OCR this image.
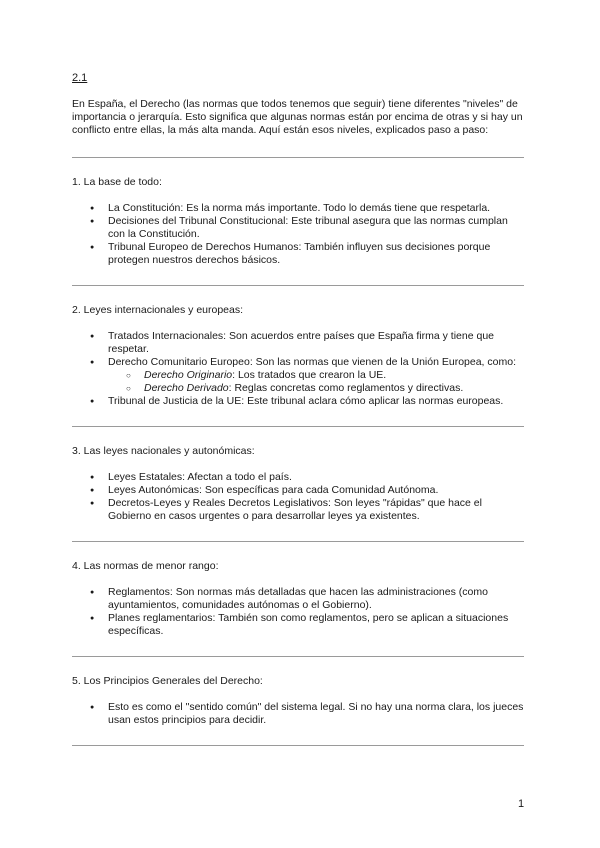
2.1

En España, el Derecho (las normas que todos tenemos que seguir) tiene diferentes "niveles" de importancia o jerarquía. Esto significa que algunas normas están por encima de otras y si hay un conflicto entre ellas, la más alta manda. Aquí están esos niveles, explicados paso a paso:

1. La base de todo:

● La Constitución: Es la norma más importante. Todo lo demás tiene que respetarla.
● Decisiones del Tribunal Constitucional: Este tribunal asegura que las normas cumplan con la Constitución.
● Tribunal Europeo de Derechos Humanos: También influyen sus decisiones porque protegen nuestros derechos básicos.

2. Leyes internacionales y europeas:

● Tratados Internacionales: Son acuerdos entre países que España firma y tiene que respetar.
● Derecho Comunitario Europeo: Son las normas que vienen de la Unión Europea, como:
○ Derecho Originario: Los tratados que crearon la UE.
○ Derecho Derivado: Reglas concretas como reglamentos y directivas.
● Tribunal de Justicia de la UE: Este tribunal aclara cómo aplicar las normas europeas.

3. Las leyes nacionales y autonómicas:

● Leyes Estatales: Afectan a todo el país.
● Leyes Autonómicas: Son específicas para cada Comunidad Autónoma.
● Decretos-Leyes y Reales Decretos Legislativos: Son leyes "rápidas" que hace el Gobierno en casos urgentes o para desarrollar leyes ya existentes.

4. Las normas de menor rango:

● Reglamentos: Son normas más detalladas que hacen las administraciones (como ayuntamientos, comunidades autónomas o el Gobierno).
● Planes reglamentarios: También son como reglamentos, pero se aplican a situaciones específicas.

5. Los Principios Generales del Derecho:

● Esto es como el "sentido común" del sistema legal. Si no hay una norma clara, los jueces usan estos principios para decidir.
1
